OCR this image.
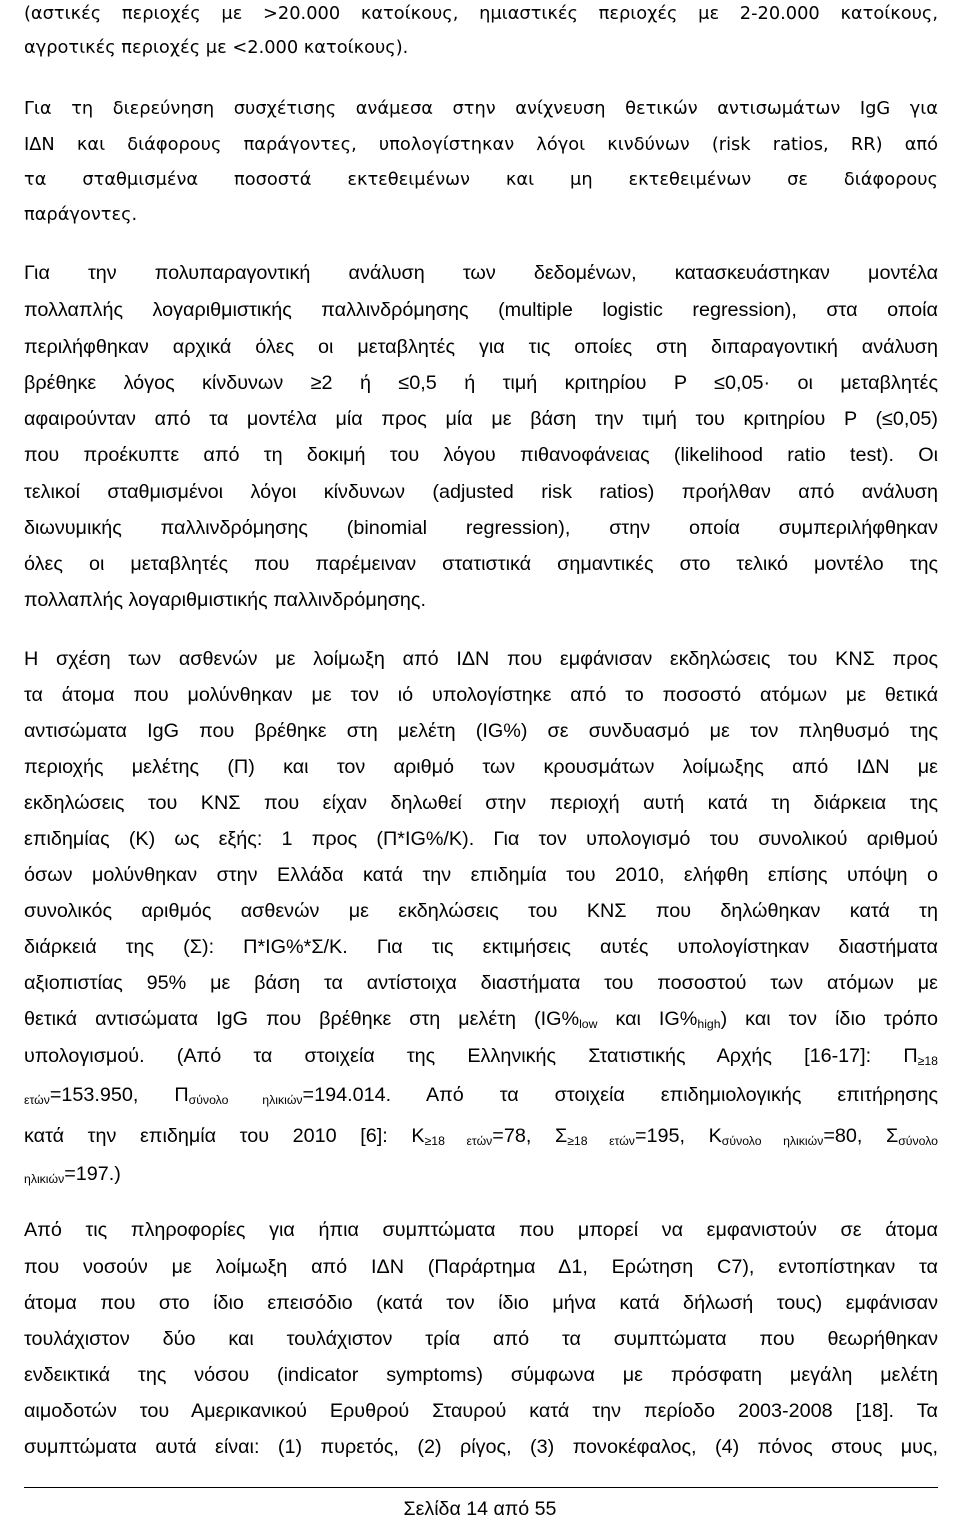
(αστικές περιοχές με >20.000 κατοίκους, ημιαστικές περιοχές με 2-20.000 κατοίκους,

αγροτικές περιοχές με <2.000 κατοίκους).

Για τη διερεύνηση συσχέτισης ανάμεσα στην ανίχνευση θετικών αντισωμάτων IgG για

ΙΔΝ και διάφορους παράγοντες, υπολογίστηκαν λόγοι κινδύνων (risk ratios, RR) από

τα σταθμισμένα ποσοστά εκτεθειμένων και μη εκτεθειμένων σε διάφορους

παράγοντες.

Για την πολυπαραγοντική ανάλυση των δεδομένων, κατασκευάστηκαν μοντέλα

πολλαπλής λογαριθμιστικής παλλινδρόμησης (multiple logistic regression), στα οποία

περιλήφθηκαν αρχικά όλες οι μεταβλητές για τις οποίες στη διπαραγοντική ανάλυση

βρέθηκε λόγος κίνδυνων ≥2 ή ≤0,5 ή τιμή κριτηρίου P ≤0,05· οι μεταβλητές

αφαιρούνταν από τα μοντέλα μία προς μία με βάση την τιμή του κριτηρίου P (≤0,05)

που προέκυπτε από τη δοκιμή του λόγου πιθανοφάνειας (likelihood ratio test). Οι

τελικοί σταθμισμένοι λόγοι κίνδυνων (adjusted risk ratios) προήλθαν από ανάλυση

διωνυμικής παλλινδρόμησης (binomial regression), στην οποία συμπεριλήφθηκαν

όλες οι μεταβλητές που παρέμειναν στατιστικά σημαντικές στο τελικό μοντέλο της

πολλαπλής λογαριθμιστικής παλλινδρόμησης.

Η σχέση των ασθενών με λοίμωξη από ΙΔΝ που εμφάνισαν εκδηλώσεις του ΚΝΣ προς

τα άτομα που μολύνθηκαν με τον ιό υπολογίστηκε από το ποσοστό ατόμων με θετικά

αντισώματα IgG που βρέθηκε στη μελέτη (IG%) σε συνδυασμό με τον πληθυσμό της

περιοχής μελέτης (Π) και τον αριθμό των κρουσμάτων λοίμωξης από ΙΔΝ με

εκδηλώσεις του ΚΝΣ που είχαν δηλωθεί στην περιοχή αυτή κατά τη διάρκεια της

επιδημίας (Κ) ως εξής: 1 προς (Π*IG%/Κ). Για τον υπολογισμό του συνολικού αριθμού

όσων μολύνθηκαν στην Ελλάδα κατά την επιδημία του 2010, ελήφθη επίσης υπόψη ο

συνολικός αριθμός ασθενών με εκδηλώσεις του ΚΝΣ που δηλώθηκαν κατά τη

διάρκειά της (Σ): Π*IG%*Σ/Κ. Για τις εκτιμήσεις αυτές υπολογίστηκαν διαστήματα

αξιοπιστίας 95% με βάση τα αντίστοιχα διαστήματα του ποσοστού των ατόμων με

θετικά αντισώματα IgG που βρέθηκε στη μελέτη ($IG\%_{low}$ και $IG\%_{high}$) και τον ίδιο τρόπο

υπολογισμού. (Από τα στοιχεία της Ελληνικής Στατιστικής Αρχής [16-17]: $\Pi_{\ge 18}$

$_{\varepsilon\tau ώ\nu}$=153.950, $\Pi_{\sigma ύ\nu o\lambda o \eta\lambda\iota\kappa\iota ώ\nu}=194.014$. Από τα στοιχεία επιδημιολογικής επιτήρησης

κατά την επιδημία του 2010 [6]: $K_{\ge 18 \varepsilon\tau ώ\nu}=78$, $\Sigma_{\ge 18 \varepsilon\tau ώ\nu}=195$, $K_{\sigma ύ\nu o\lambda o \eta\lambda\iota\kappa\iota ώ\nu}=80$, $\Sigma_{\sigma ύ\nu o\lambda o}$

$_{\eta\lambda\iota\kappa\iota ώ\nu}$=197.)

Από τις πληροφορίες για ήπια συμπτώματα που μπορεί να εμφανιστούν σε άτομα

που νοσούν με λοίμωξη από ΙΔΝ (Παράρτημα Δ1, Ερώτηση C7), εντοπίστηκαν τα

άτομα που στο ίδιο επεισόδιο (κατά τον ίδιο μήνα κατά δήλωσή τους) εμφάνισαν

τουλάχιστον δύο και τουλάχιστον τρία από τα συμπτώματα που θεωρήθηκαν

ενδεικτικά της νόσου (indicator symptoms) σύμφωνα με πρόσφατη μεγάλη μελέτη

αιμοδοτών του Αμερικανικού Ερυθρού Σταυρού κατά την περίοδο 2003-2008 [18]. Τα

συμπτώματα αυτά είναι: (1) πυρετός, (2) ρίγος, (3) πονοκέφαλος, (4) πόνος στους μυς,

Σελίδα 14 από 55
